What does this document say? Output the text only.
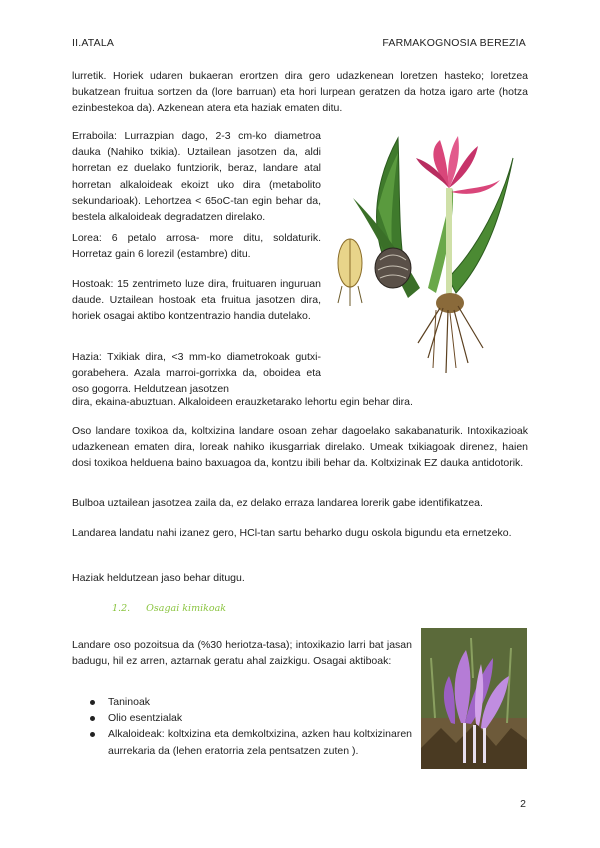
II.ATALA	FARMAKOGNOSIA BEREZIA

lurretik. Horiek udaren bukaeran erortzen dira gero udazkenean loretzen hasteko; loretzea bukatzean fruitua sortzen da (lore barruan) eta hori lurpean geratzen da hotza igaro arte (hotza ezinbestekoa da). Azkenean atera eta haziak ematen ditu.

Erraboila: Lurrazpian dago, 2-3 cm-ko diametroa dauka (Nahiko txikia). Uztailean jasotzen da, aldi horretan ez duelako funtziorik, beraz, landare atal horretan alkaloideak ekoizt uko dira (metabolito sekundarioak). Lehortzea < 65oC-tan egin behar da, bestela alkaloideak degradatzen direlako.

Lorea: 6 petalo arrosa- more ditu, soldaturik. Horretaz gain 6 lorezil (estambre) ditu.

Hostoak: 15 zentrimeto luze dira, fruituaren inguruan daude. Uztailean hostoak eta fruitua jasotzen dira, horiek osagai aktibo kontzentrazio handia dutelako.

Hazia: Txikiak dira, <3 mm-ko diametrokoak gutxi-gorabehera. Azala marroi-gorrixka da, oboidea eta oso gogorra. Heldutzean jasotzen

dira, ekaina-abuztuan. Alkaloideen erauzketarako lehortu egin behar dira.

Oso landare toxikoa da, koltxizina landare osoan zehar dagoelako sakabanaturik. Intoxikazioak udazkenean ematen dira, loreak nahiko ikusgarriak direlako. Umeak txikiagoak direnez, haien dosi toxikoa helduena baino baxuagoa da, kontzu ibili behar da. Koltxizinak EZ dauka antidotorik.

Bulboa uztailean jasotzea zaila da, ez delako erraza landarea lorerik gabe identifikatzea.

Landarea landatu nahi izanez gero, HCl-tan sartu beharko dugu oskola bigundu eta ernetzeko.

Haziak heldutzean jaso behar ditugu.

1.2. Osagai kimikoak

Landare oso pozoitsua da (%30 heriotza-tasa); intoxikazio larri bat jasan badugu, hil ez arren, aztarnak geratu ahal zaizkigu. Osagai aktiboak:

Taninoak
Olio esentzialak
Alkaloideak: koltxizina eta demkoltxizina, azken hau koltxizinaren aurrekaria da (lehen eratorria zela pentsatzen zuten ).
2
